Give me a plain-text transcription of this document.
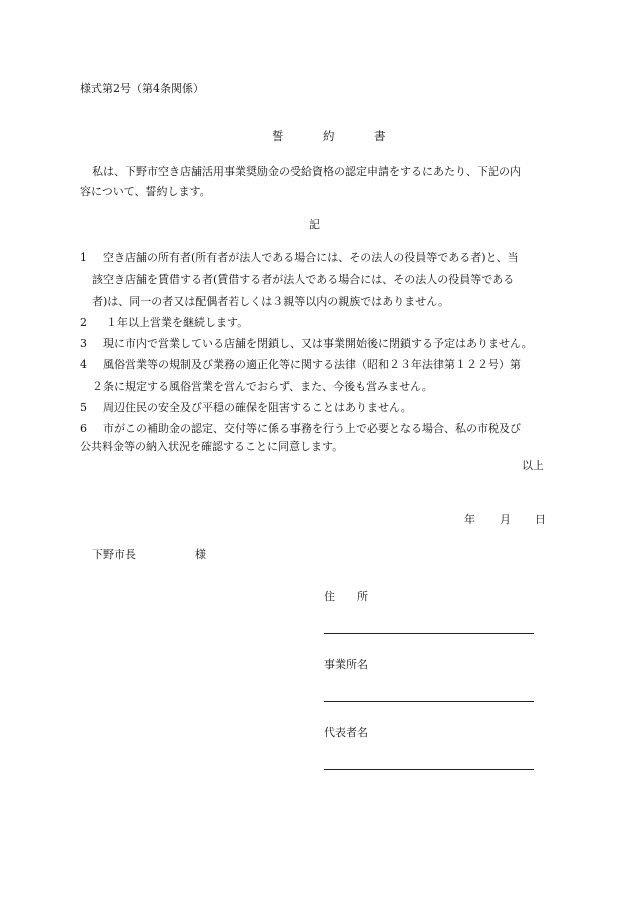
様式第2号（第4条関係）
誓　約　書
私は、下野市空き店舗活用事業奨励金の受給資格の認定申請をするにあたり、下記の内
容について、誓約します。
記
1 空き店舗の所有者(所有者が法人である場合には、その法人の役員等である者)と、当
該空き店舗を賃借する者(賃借する者が法人である場合には、その法人の役員等である
者)は、同一の者又は配偶者若しくは３親等以内の親族ではありません。
2 １年以上営業を継続します。
3 現に市内で営業している店舗を閉鎖し、又は事業開始後に閉鎖する予定はありません。
4 風俗営業等の規制及び業務の適正化等に関する法律（昭和２３年法律第１２２号）第
２条に規定する風俗営業を営んでおらず、また、今後も営みません。
5 周辺住民の安全及び平穏の確保を阻害することはありません。
6 市がこの補助金の認定、交付等に係る事務を行う上で必要となる場合、私の市税及び
公共料金等の納入状況を確認することに同意します。
以上
年 月 日
下野市長	様
住　　所
事業所名
代表者名
